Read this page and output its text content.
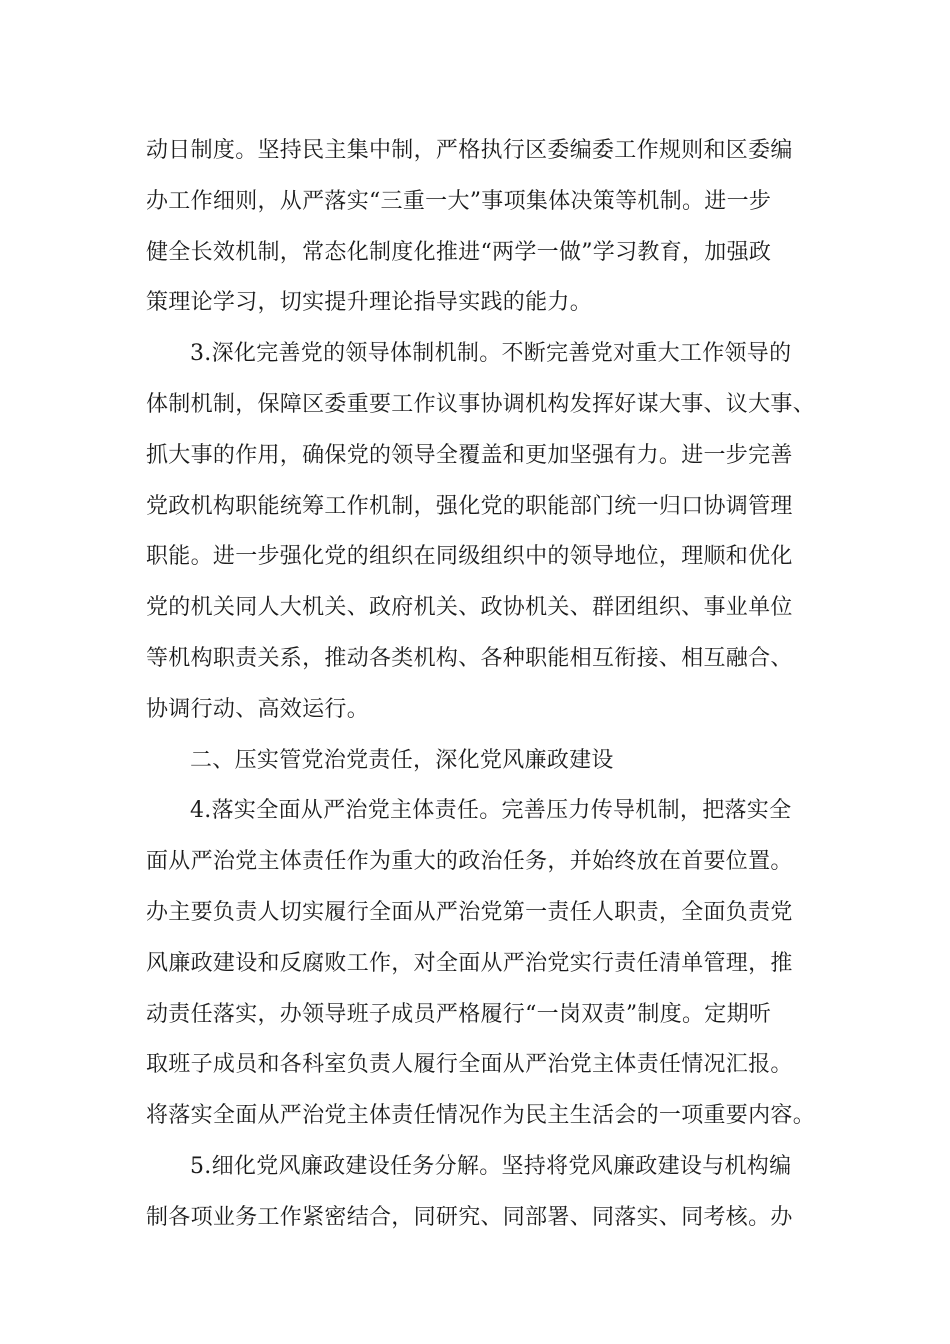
动日制度。坚持民主集中制，严格执行区委编委工作规则和区委编
办工作细则，从严落实“三重一大”事项集体决策等机制。进一步
健全长效机制，常态化制度化推进“两学一做”学习教育，加强政
策理论学习，切实提升理论指导实践的能力。
3.深化完善党的领导体制机制。不断完善党对重大工作领导的
体制机制，保障区委重要工作议事协调机构发挥好谋大事、议大事、
抓大事的作用，确保党的领导全覆盖和更加坚强有力。进一步完善
党政机构职能统筹工作机制，强化党的职能部门统一归口协调管理
职能。进一步强化党的组织在同级组织中的领导地位，理顺和优化
党的机关同人大机关、政府机关、政协机关、群团组织、事业单位
等机构职责关系，推动各类机构、各种职能相互衔接、相互融合、
协调行动、高效运行。
二、压实管党治党责任，深化党风廉政建设
4.落实全面从严治党主体责任。完善压力传导机制，把落实全
面从严治党主体责任作为重大的政治任务，并始终放在首要位置。
办主要负责人切实履行全面从严治党第一责任人职责，全面负责党
风廉政建设和反腐败工作，对全面从严治党实行责任清单管理，推
动责任落实，办领导班子成员严格履行“一岗双责”制度。定期听
取班子成员和各科室负责人履行全面从严治党主体责任情况汇报。
将落实全面从严治党主体责任情况作为民主生活会的一项重要内容。
5.细化党风廉政建设任务分解。坚持将党风廉政建设与机构编
制各项业务工作紧密结合，同研究、同部署、同落实、同考核。办
